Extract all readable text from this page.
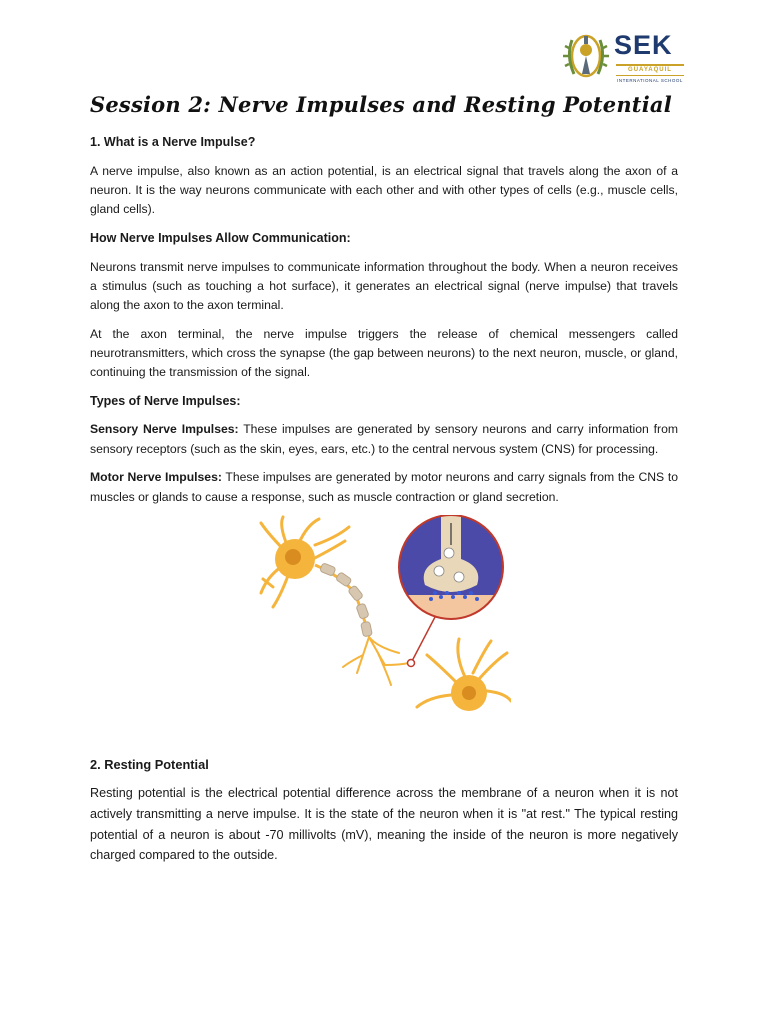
SEK
GUAYAQUIL
INTERNATIONAL SCHOOL
Session 2: Nerve Impulses and Resting Potential
1. What is a Nerve Impulse?

A nerve impulse, also known as an action potential, is an electrical signal that travels along the axon of a neuron. It is the way neurons communicate with each other and with other types of cells (e.g., muscle cells, gland cells).

How Nerve Impulses Allow Communication:

Neurons transmit nerve impulses to communicate information throughout the body. When a neuron receives a stimulus (such as touching a hot surface), it generates an electrical signal (nerve impulse) that travels along the axon to the axon terminal.

At the axon terminal, the nerve impulse triggers the release of chemical messengers called neurotransmitters, which cross the synapse (the gap between neurons) to the next neuron, muscle, or gland, continuing the transmission of the signal.

Types of Nerve Impulses:

Sensory Nerve Impulses: These impulses are generated by sensory neurons and carry information from sensory receptors (such as the skin, eyes, ears, etc.) to the central nervous system (CNS) for processing.

Motor Nerve Impulses: These impulses are generated by motor neurons and carry signals from the CNS to muscles or glands to cause a response, such as muscle contraction or gland secretion.

2. Resting Potential

Resting potential is the electrical potential difference across the membrane of a neuron when it is not actively transmitting a nerve impulse. It is the state of the neuron when it is "at rest." The typical resting potential of a neuron is about -70 millivolts (mV), meaning the inside of the neuron is more negatively charged compared to the outside.
